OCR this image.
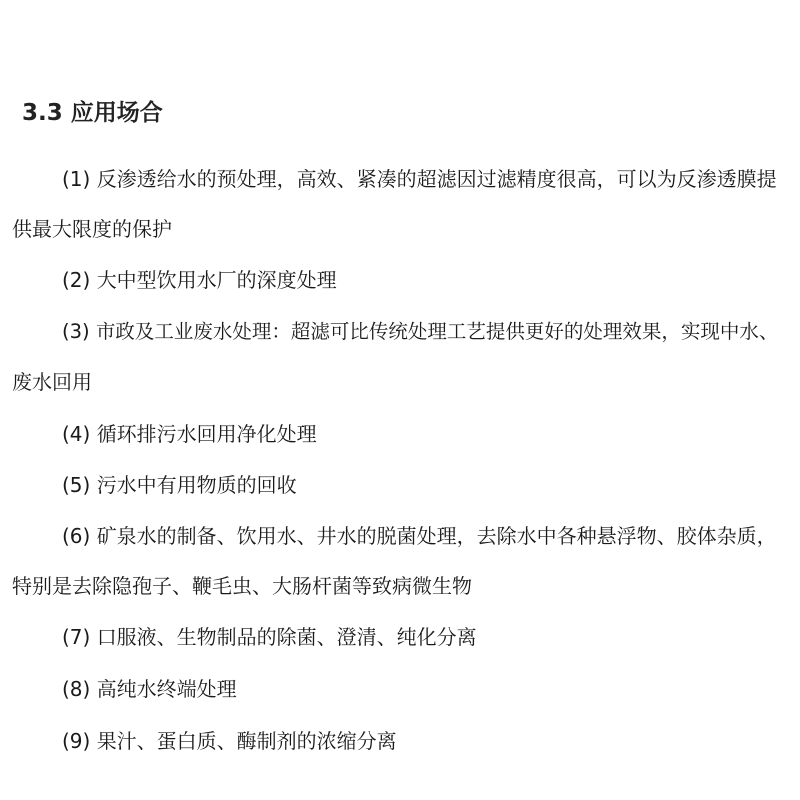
3.3 应用场合
(1) 反渗透给水的预处理，高效、紧凑的超滤因过滤精度很高，可以为反渗透膜提
供最大限度的保护
(2) 大中型饮用水厂的深度处理
(3) 市政及工业废水处理：超滤可比传统处理工艺提供更好的处理效果，实现中水、
废水回用
(4) 循环排污水回用净化处理
(5) 污水中有用物质的回收
(6) 矿泉水的制备、饮用水、井水的脱菌处理，去除水中各种悬浮物、胶体杂质，
特别是去除隐孢子、鞭毛虫、大肠杆菌等致病微生物
(7) 口服液、生物制品的除菌、澄清、纯化分离
(8) 高纯水终端处理
(9) 果汁、蛋白质、酶制剂的浓缩分离
